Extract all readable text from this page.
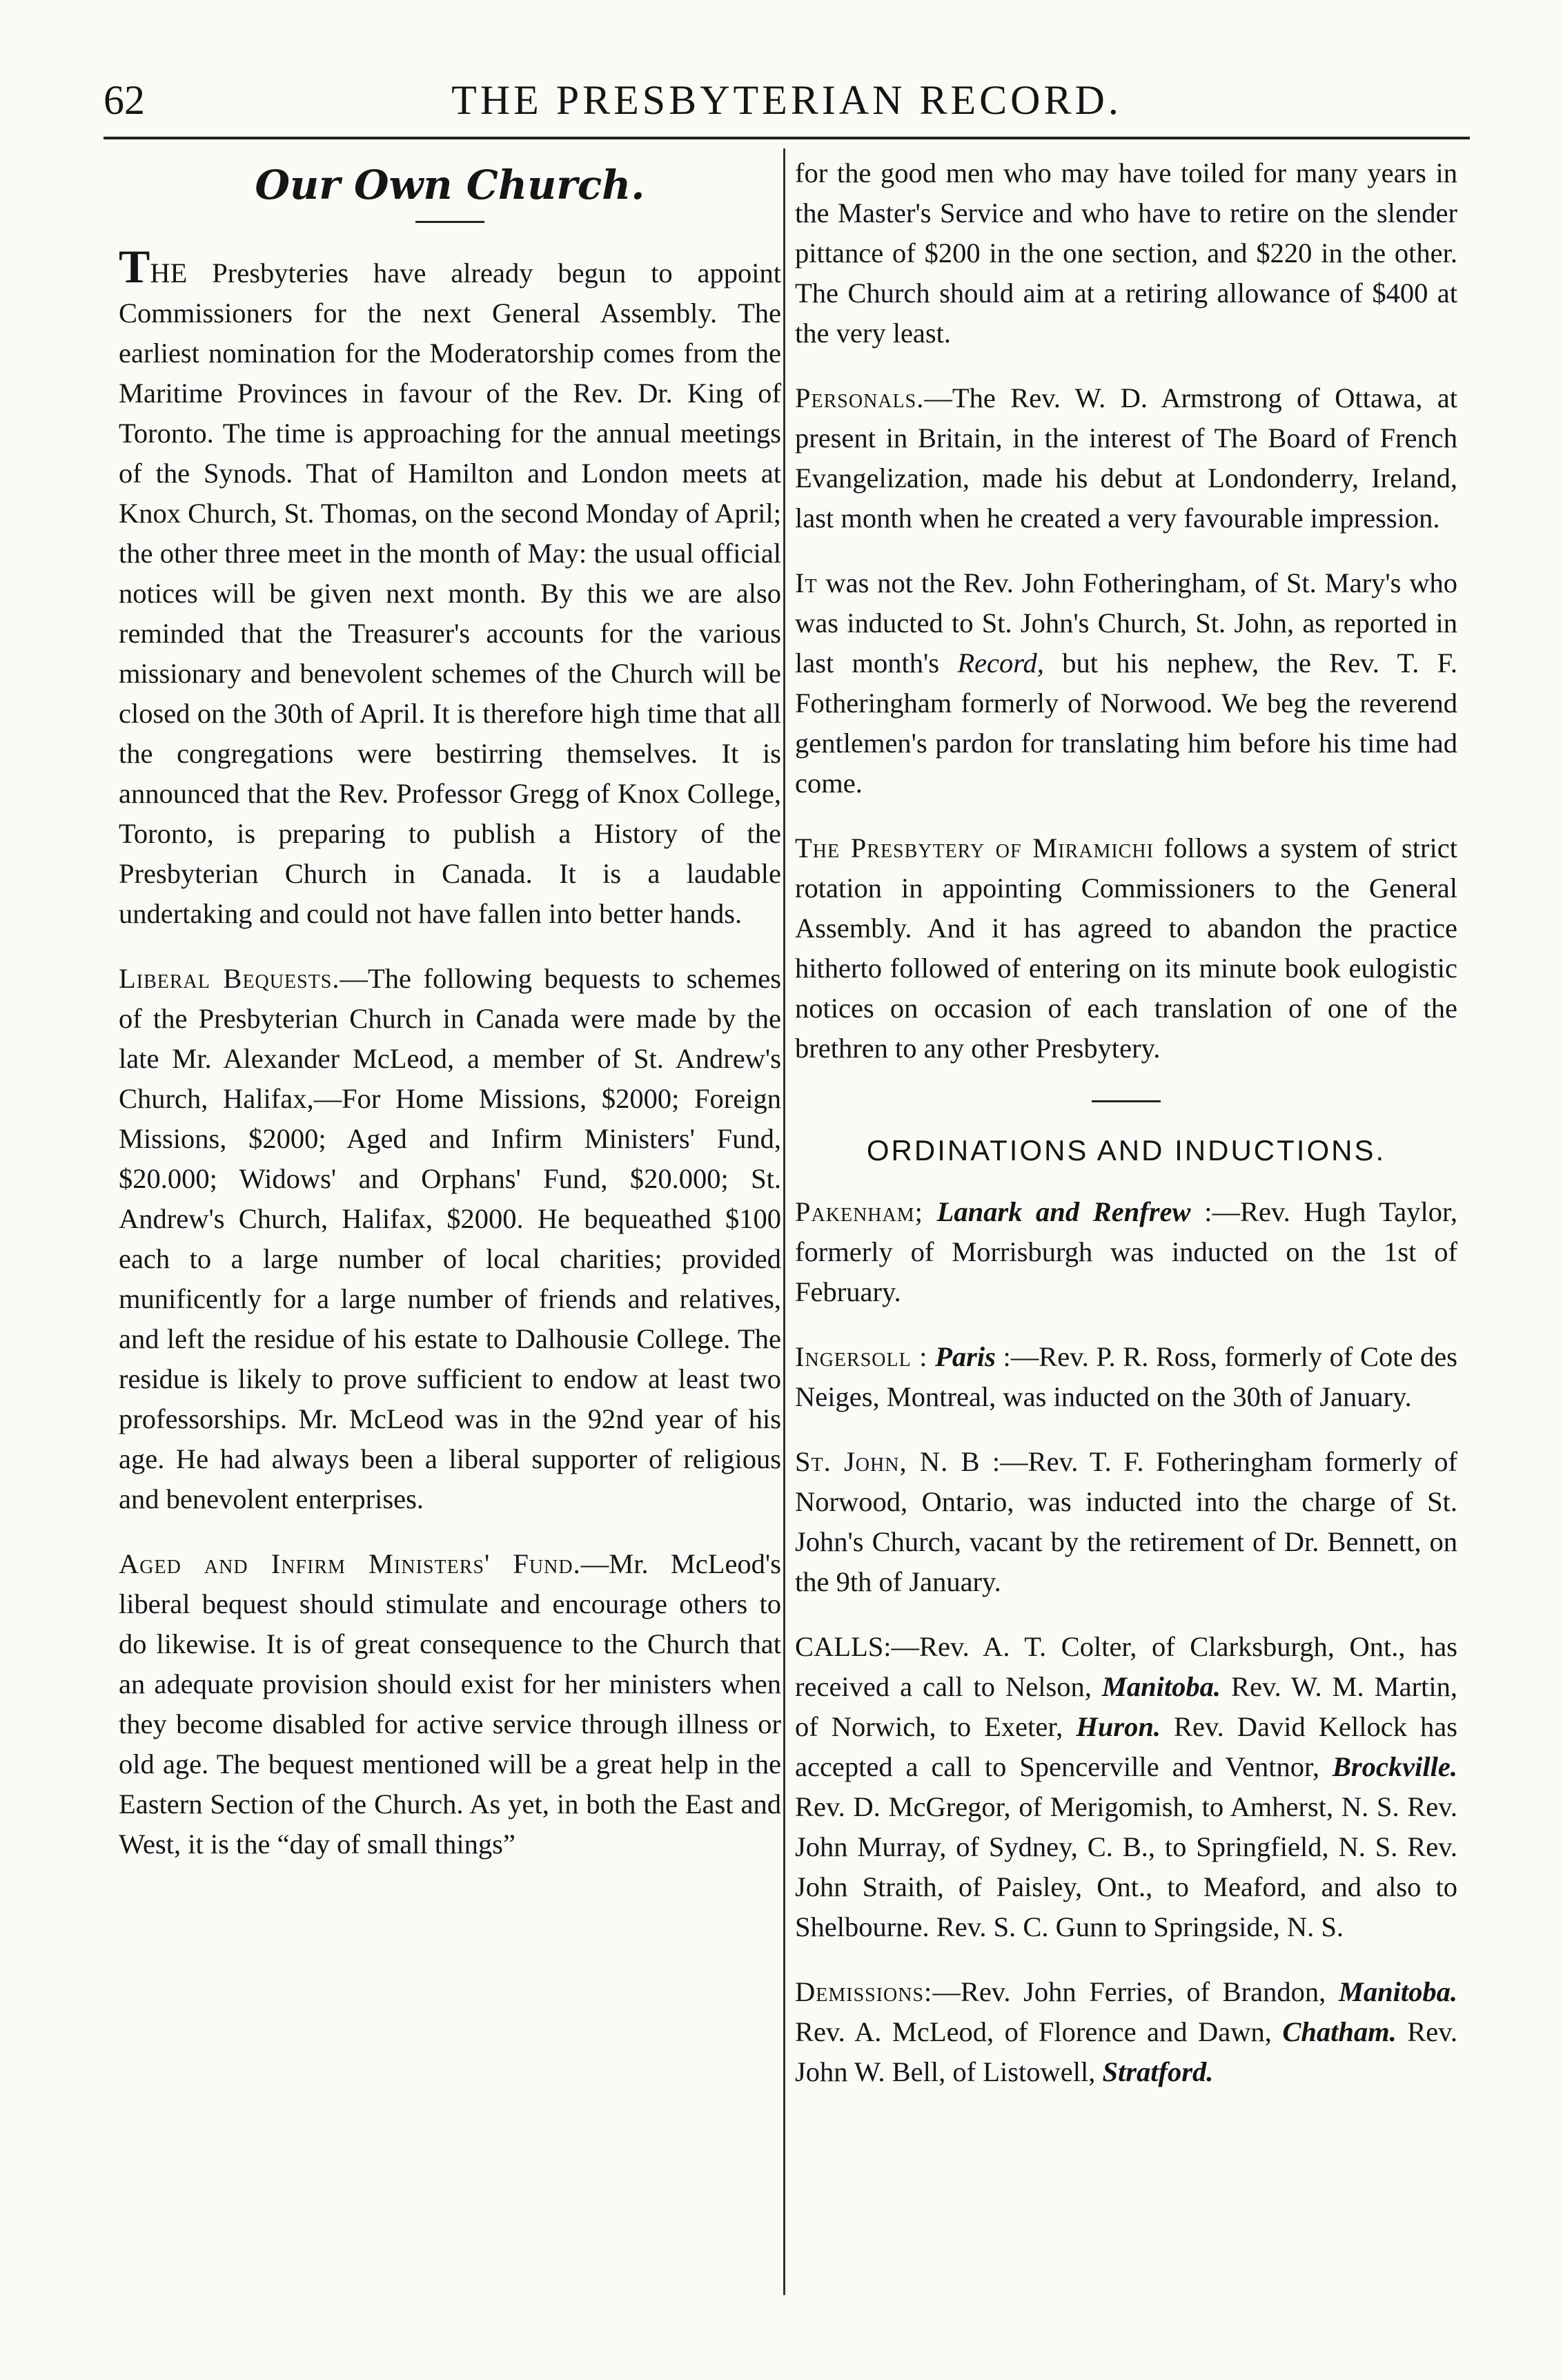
62	THE PRESBYTERIAN RECORD.
Our Own Church.

THE Presbyteries have already begun to appoint Commissioners for the next General Assembly. The earliest nomination for the Moderatorship comes from the Maritime Provinces in favour of the Rev. Dr. King of Toronto. The time is approaching for the annual meetings of the Synods. That of Hamilton and London meets at Knox Church, St. Thomas, on the second Monday of April; the other three meet in the month of May: the usual official notices will be given next month. By this we are also reminded that the Treasurer's accounts for the various missionary and benevolent schemes of the Church will be closed on the 30th of April. It is therefore high time that all the congregations were bestirring themselves. It is announced that the Rev. Professor Gregg of Knox College, Toronto, is preparing to publish a History of the Presbyterian Church in Canada. It is a laudable undertaking and could not have fallen into better hands.

Liberal Bequests.—The following bequests to schemes of the Presbyterian Church in Canada were made by the late Mr. Alexander McLeod, a member of St. Andrew's Church, Halifax,—For Home Missions, $2000; Foreign Missions, $2000; Aged and Infirm Ministers' Fund, $20.000; Widows' and Orphans' Fund, $20.000; St. Andrew's Church, Halifax, $2000. He bequeathed $100 each to a large number of local charities; provided munificently for a large number of friends and relatives, and left the residue of his estate to Dalhousie College. The residue is likely to prove sufficient to endow at least two professorships. Mr. McLeod was in the 92nd year of his age. He had always been a liberal supporter of religious and benevolent enterprises.

Aged and Infirm Ministers' Fund.—Mr. McLeod's liberal bequest should stimulate and encourage others to do likewise. It is of great consequence to the Church that an adequate provision should exist for her ministers when they become disabled for active service through illness or old age. The bequest mentioned will be a great help in the Eastern Section of the Church. As yet, in both the East and West, it is the “day of small things”

for the good men who may have toiled for many years in the Master's Service and who have to retire on the slender pittance of $200 in the one section, and $220 in the other. The Church should aim at a retiring allowance of $400 at the very least.

Personals.—The Rev. W. D. Armstrong of Ottawa, at present in Britain, in the interest of The Board of French Evangelization, made his debut at Londonderry, Ireland, last month when he created a very favourable impression.

It was not the Rev. John Fotheringham, of St. Mary's who was inducted to St. John's Church, St. John, as reported in last month's Record, but his nephew, the Rev. T. F. Fotheringham formerly of Norwood. We beg the reverend gentlemen's pardon for translating him before his time had come.

The Presbytery of Miramichi follows a system of strict rotation in appointing Commissioners to the General Assembly. And it has agreed to abandon the practice hitherto followed of entering on its minute book eulogistic notices on occasion of each translation of one of the brethren to any other Presbytery.

ORDINATIONS AND INDUCTIONS.

Pakenham; Lanark and Renfrew :—Rev. Hugh Taylor, formerly of Morrisburgh was inducted on the 1st of February.

Ingersoll : Paris :—Rev. P. R. Ross, formerly of Cote des Neiges, Montreal, was inducted on the 30th of January.

St. John, N. B :—Rev. T. F. Fotheringham formerly of Norwood, Ontario, was inducted into the charge of St. John's Church, vacant by the retirement of Dr. Bennett, on the 9th of January.

CALLS:—Rev. A. T. Colter, of Clarksburgh, Ont., has received a call to Nelson, Manitoba. Rev. W. M. Martin, of Norwich, to Exeter, Huron. Rev. David Kellock has accepted a call to Spencerville and Ventnor, Brockville. Rev. D. McGregor, of Merigomish, to Amherst, N. S. Rev. John Murray, of Sydney, C. B., to Springfield, N. S. Rev. John Straith, of Paisley, Ont., to Meaford, and also to Shelbourne. Rev. S. C. Gunn to Springside, N. S.

Demissions:—Rev. John Ferries, of Brandon, Manitoba. Rev. A. McLeod, of Florence and Dawn, Chatham. Rev. John W. Bell, of Listowell, Stratford.
